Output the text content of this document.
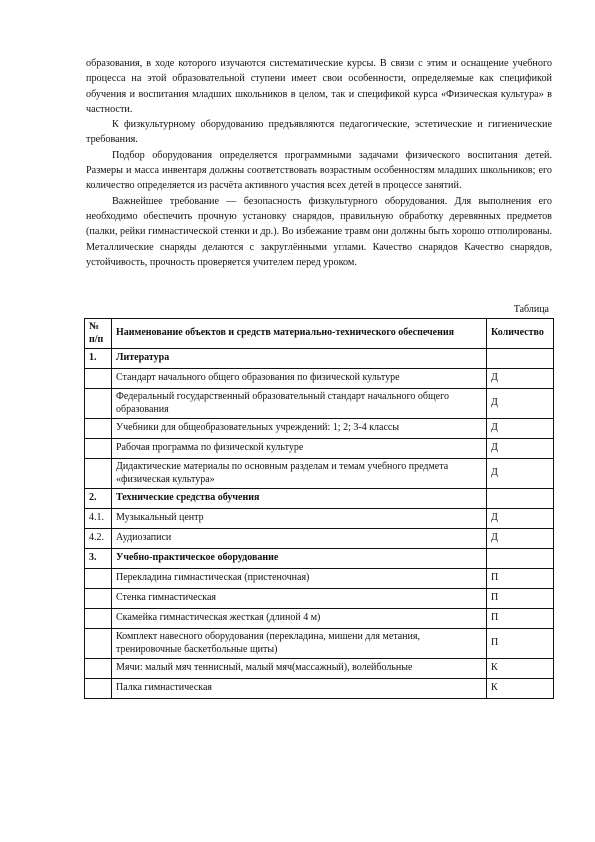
образования, в ходе которого изучаются систематические курсы. В связи с этим и оснащение учебного процесса на этой образовательной ступени имеет свои особенности, определяемые как спецификой обучения и воспитания младших школьников в целом, так и спецификой курса «Физическая культура» в частности.

К физкультурному оборудованию предъявляются педагогические, эстетические и гигиенические требования.

Подбор оборудования определяется программными задачами физического воспитания детей. Размеры и масса инвентаря должны соответствовать возрастным особенностям младших школьников; его количество определяется из расчёта активного участия всех детей в процессе занятий.

Важнейшее требование — безопасность физкультурного оборудования. Для выполнения его необходимо обеспечить прочную установку снарядов, правильную обработку деревянных предметов (палки, рейки гимнастической стенки и др.). Во избежание травм они должны быть хорошо отполированы. Металлические снаряды делаются с закруглёнными углами. Качество снарядов Качество снарядов, устойчивость, прочность проверяется учителем перед уроком.

Таблица
№ п/п	Наименование объектов и средств материально-технического обеспечения	Количество
1.	Литература	
	Стандарт начального общего образования по физической культуре	Д
	Федеральный государственный образовательный стандарт начального общего образования	Д
	Учебники для общеобразовательных учреждений: 1; 2; 3-4 классы	Д
	Рабочая программа по физической культуре	Д
	Дидактические материалы по основным разделам и темам учебного предмета «физическая культура»	Д
2.	Технические средства обучения	
4.1.	Музыкальный центр	Д
4.2.	Аудиозаписи	Д
3.	Учебно-практическое оборудование	
	Перекладина гимнастическая (пристеночная)	П
	Стенка гимнастическая	П
	Скамейка гимнастическая жесткая (длиной 4 м)	П
	Комплект навесного оборудования (перекладина, мишени для метания, тренировочные баскетбольные щиты)	П
	Мячи: малый мяч теннисный, малый мяч(массажный), волейбольные	К
	Палка гимнастическая	К
